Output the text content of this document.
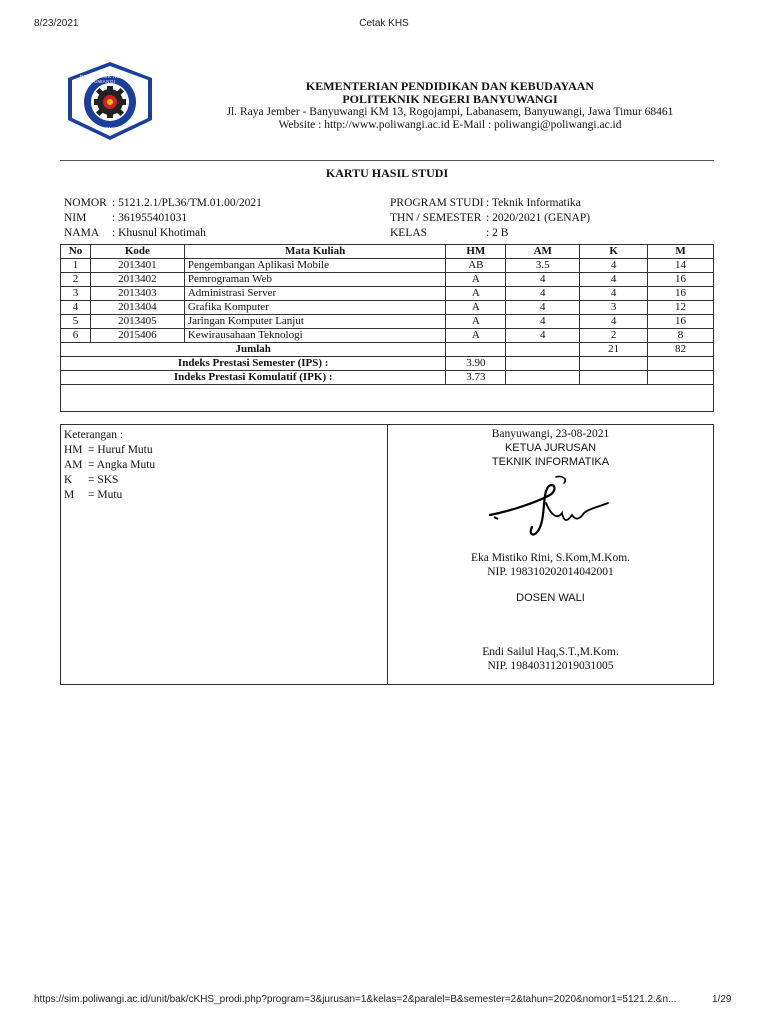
8/23/2021	Cetak KHS
POLITEKNIK NEGERI BANYUWANGI
POLIWANGI
KEMENTERIAN PENDIDIKAN DAN KEBUDAYAAN
POLITEKNIK NEGERI BANYUWANGI
Jl. Raya Jember - Banyuwangi KM 13, Rogojampi, Labanasem, Banyuwangi, Jawa Timur 68461
Website : http://www.poliwangi.ac.id E-Mail : poliwangi@poliwangi.ac.id
KARTU HASIL STUDI
NOMOR : 5121.2.1/PL36/TM.01.00/2021
NIM	: 361955401031
NAMA	: Khusnul Khotimah
PROGRAM STUDI : Teknik Informatika
THN / SEMESTER : 2020/2021 (GENAP)
KELAS	: 2 B
No	Kode	Mata Kuliah	HM	AM	K	M
1	2013401	Pengembangan Aplikasi Mobile	AB	3.5	4	14
2	2013402	Pemrograman Web	A	4	4	16
3	2013403	Administrasi Server	A	4	4	16
4	2013404	Grafika Komputer	A	4	3	12
5	2013405	Jaringan Komputer Lanjut	A	4	4	16
6	2015406	Kewirausahaan Teknologi	A	4	2	8
Jumlah					21	82
Indeks Prestasi Semester (IPS) :			3.90			
Indeks Prestasi Komulatif (IPK) :			3.73			

Keterangan :
HM = Huruf Mutu
AM = Angka Mutu
K = SKS
M = Mutu
Banyuwangi, 23-08-2021
KETUA JURUSAN
TEKNIK INFORMATIKA
Eka Mistiko Rini, S.Kom,M.Kom.
NIP. 198310202014042001
DOSEN WALI
Endi Sailul Haq,S.T.,M.Kom.
NIP. 198403112019031005
https://sim.poliwangi.ac.id/unit/bak/cKHS_prodi.php?program=3&jurusan=1&kelas=2&paralel=B&semester=2&tahun=2020&nomor1=5121.2.&n...	1/29
